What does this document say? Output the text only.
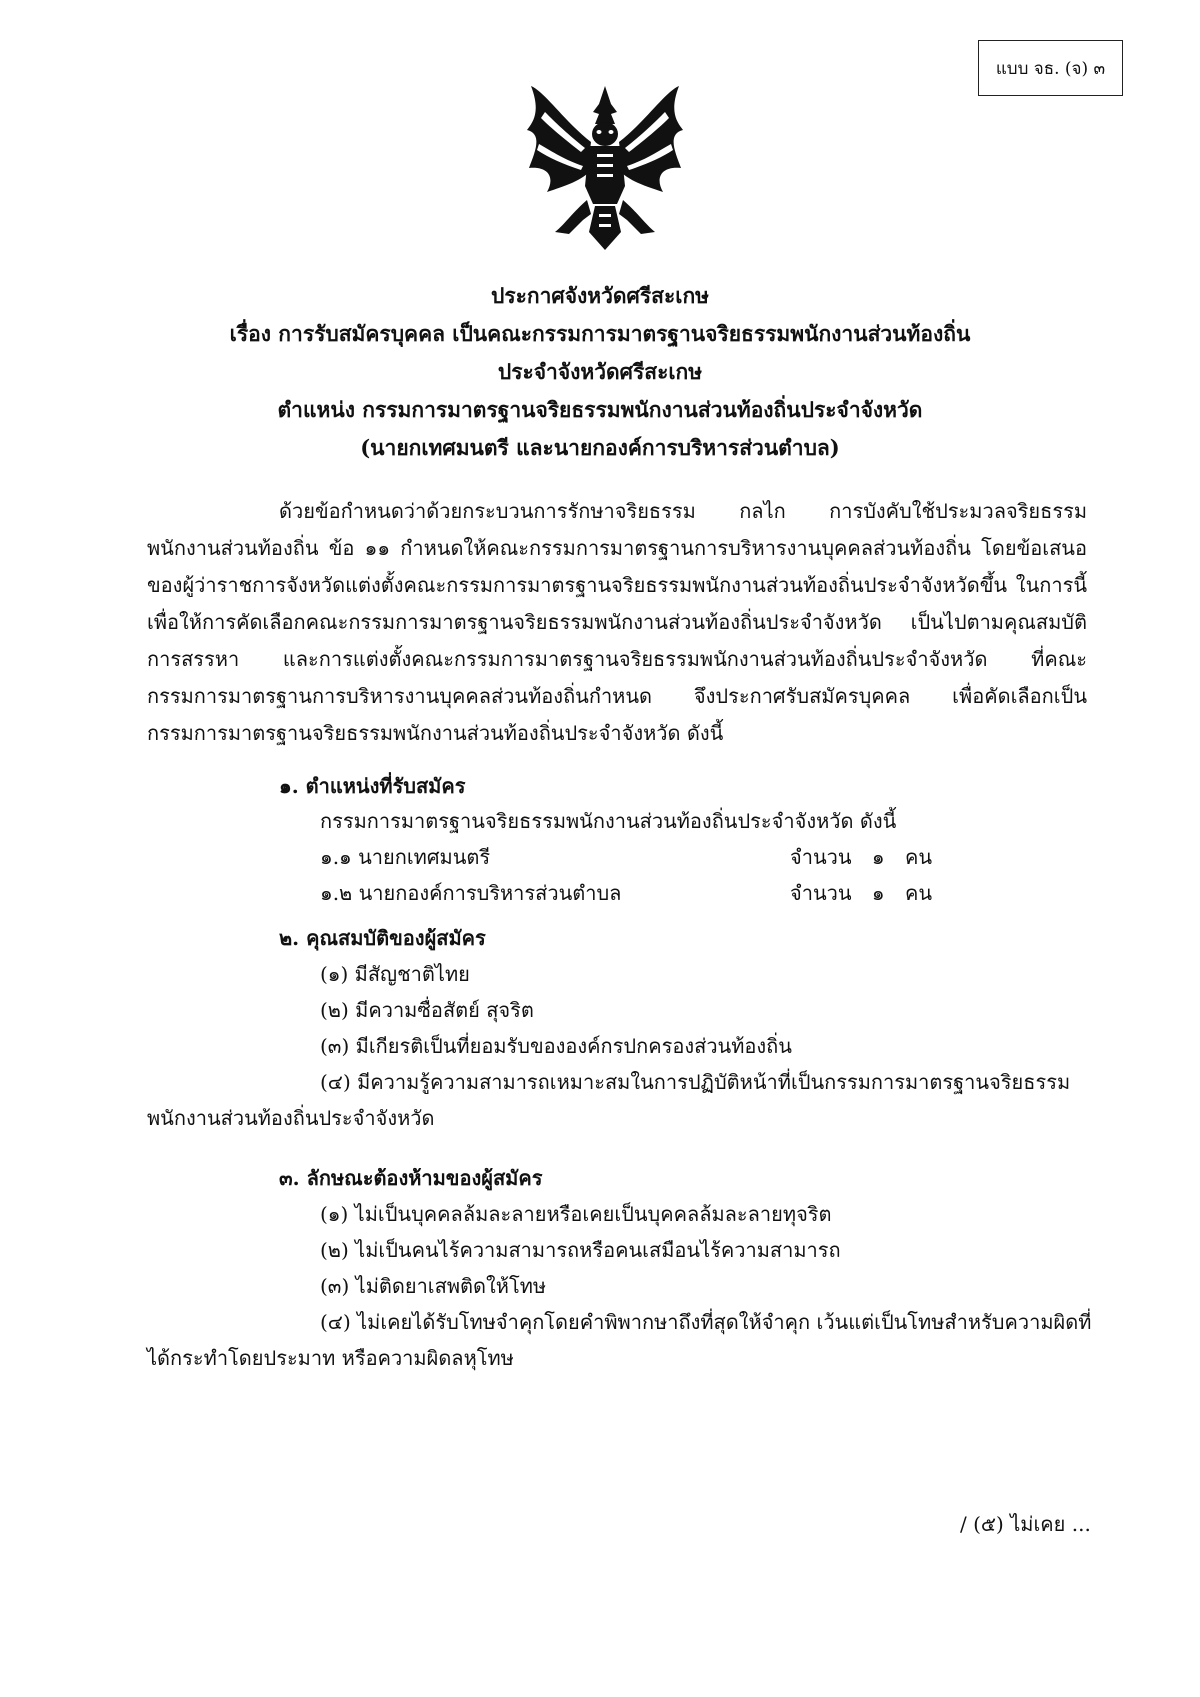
แบบ จธ. (จ) ๓
ประกาศจังหวัดศรีสะเกษ
เรื่อง การรับสมัครบุคคล เป็นคณะกรรมการมาตรฐานจริยธรรมพนักงานส่วนท้องถิ่น
ประจำจังหวัดศรีสะเกษ
ตำแหน่ง กรรมการมาตรฐานจริยธรรมพนักงานส่วนท้องถิ่นประจำจังหวัด
(นายกเทศมนตรี และนายกองค์การบริหารส่วนตำบล)
ด้วยข้อกำหนดว่าด้วยกระบวนการรักษาจริยธรรม กลไก การบังคับใช้ประมวลจริยธรรม พนักงานส่วนท้องถิ่น ข้อ ๑๑ กำหนดให้คณะกรรมการมาตรฐานการบริหารงานบุคคลส่วนท้องถิ่น โดยข้อเสนอของผู้ว่าราชการจังหวัดแต่งตั้งคณะกรรมการมาตรฐานจริยธรรมพนักงานส่วนท้องถิ่นประจำจังหวัดขึ้น ในการนี้ เพื่อให้การคัดเลือกคณะกรรมการมาตรฐานจริยธรรมพนักงานส่วนท้องถิ่นประจำจังหวัด เป็นไปตามคุณสมบัติ การสรรหา และการแต่งตั้งคณะกรรมการมาตรฐานจริยธรรมพนักงานส่วนท้องถิ่นประจำจังหวัด ที่คณะกรรมการมาตรฐานการบริหารงานบุคคลส่วนท้องถิ่นกำหนด จึงประกาศรับสมัครบุคคล เพื่อคัดเลือกเป็นกรรมการมาตรฐานจริยธรรมพนักงานส่วนท้องถิ่นประจำจังหวัด ดังนี้
๑. ตำแหน่งที่รับสมัคร
กรรมการมาตรฐานจริยธรรมพนักงานส่วนท้องถิ่นประจำจังหวัด ดังนี้
๑.๑ นายกเทศมนตรี	จำนวน ๑ คน
๑.๒ นายกองค์การบริหารส่วนตำบล	จำนวน ๑ คน
๒. คุณสมบัติของผู้สมัคร
(๑) มีสัญชาติไทย
(๒) มีความซื่อสัตย์ สุจริต
(๓) มีเกียรติเป็นที่ยอมรับขององค์กรปกครองส่วนท้องถิ่น
(๔) มีความรู้ความสามารถเหมาะสมในการปฏิบัติหน้าที่เป็นกรรมการมาตรฐานจริยธรรม
พนักงานส่วนท้องถิ่นประจำจังหวัด
๓. ลักษณะต้องห้ามของผู้สมัคร
(๑) ไม่เป็นบุคคลล้มละลายหรือเคยเป็นบุคคลล้มละลายทุจริต
(๒) ไม่เป็นคนไร้ความสามารถหรือคนเสมือนไร้ความสามารถ
(๓) ไม่ติดยาเสพติดให้โทษ
(๔) ไม่เคยได้รับโทษจำคุกโดยคำพิพากษาถึงที่สุดให้จำคุก เว้นแต่เป็นโทษสำหรับความผิดที่
ได้กระทำโดยประมาท หรือความผิดลหุโทษ
/ (๕) ไม่เคย ...
